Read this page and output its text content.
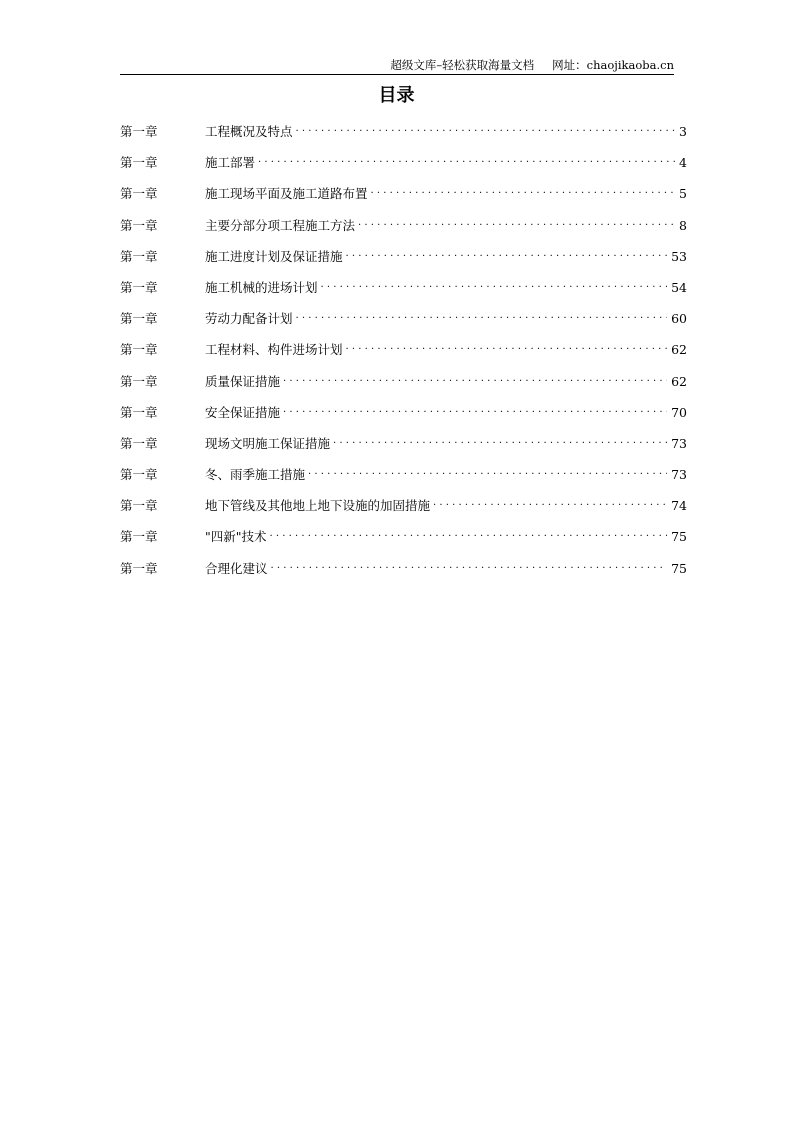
超级文库–轻松获取海量文档 网址：chaojikaoba.cn
目录
第一章	工程概况及特点 .....	3
第一章	施工部署 .....	4
第一章	施工现场平面及施工道路布置 .....	5
第一章	主要分部分项工程施工方法 .....	8
第一章	施工进度计划及保证措施 .....	53
第一章	施工机械的进场计划 .....	54
第一章	劳动力配备计划 .....	60
第一章	工程材料、构件进场计划 .....	62
第一章	质量保证措施 .....	62
第一章	安全保证措施 .....	70
第一章	现场文明施工保证措施 .....	73
第一章	冬、雨季施工措施 .....	73
第一章	地下管线及其他地上地下设施的加固措施 .....	74
第一章	"四新"技术 .....	75
第一章	合理化建议 .....	75
